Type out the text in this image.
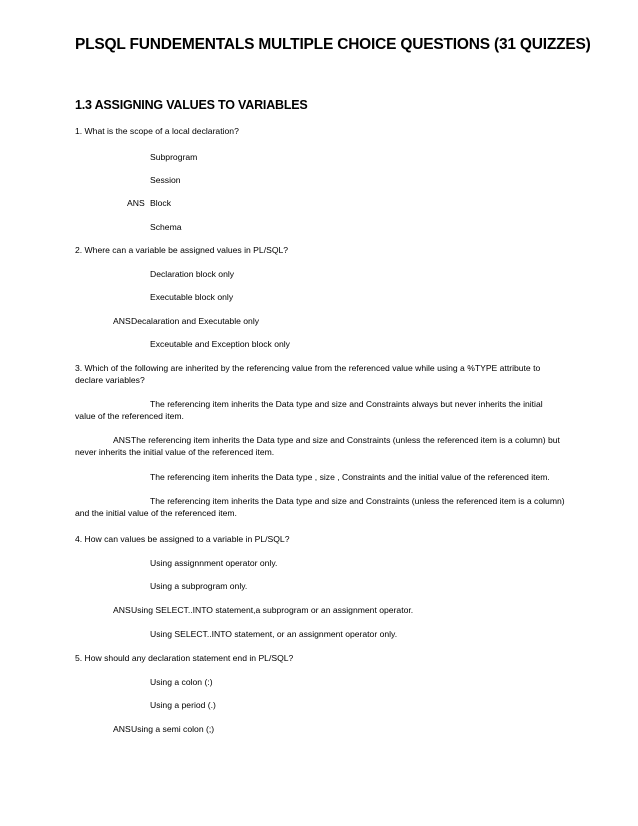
PLSQL FUNDEMENTALS MULTIPLE CHOICE QUESTIONS (31 QUIZZES)
1.3 ASSIGNING VALUES TO VARIABLES
1. What is the scope of a local declaration?
Subprogram
Session
ANS Block
Schema
2. Where can a variable be assigned values in PL/SQL?
Declaration block only
Executable block only
ANS Decalaration and Executable only
Exceutable and Exception block only
3. Which of the following are inherited by the referencing value from the referenced value while using a %TYPE attribute to declare variables?
The referencing item inherits the Data type and size and Constraints always but never inherits the initial value of the referenced item.
The referencing item inherits the Data type and size and Constraints (unless the referenced item is a column) but never inherits the initial value of the referenced item.
ANS
The referencing item inherits the Data type , size , Constraints and the initial value of the referenced item.
The referencing item inherits the Data type and size and Constraints (unless the referenced item is a column) and the initial value of the referenced item.
4. How can values be assigned to a variable in PL/SQL?
Using assignnment operator only.
Using a subprogram only.
ANS Using SELECT..INTO statement,a subprogram or an assignment operator.
Using SELECT..INTO statement, or an assignment operator only.
5. How should any declaration statement end in PL/SQL?
Using a colon (:)
Using a period (.)
ANS Using a semi colon (;)
